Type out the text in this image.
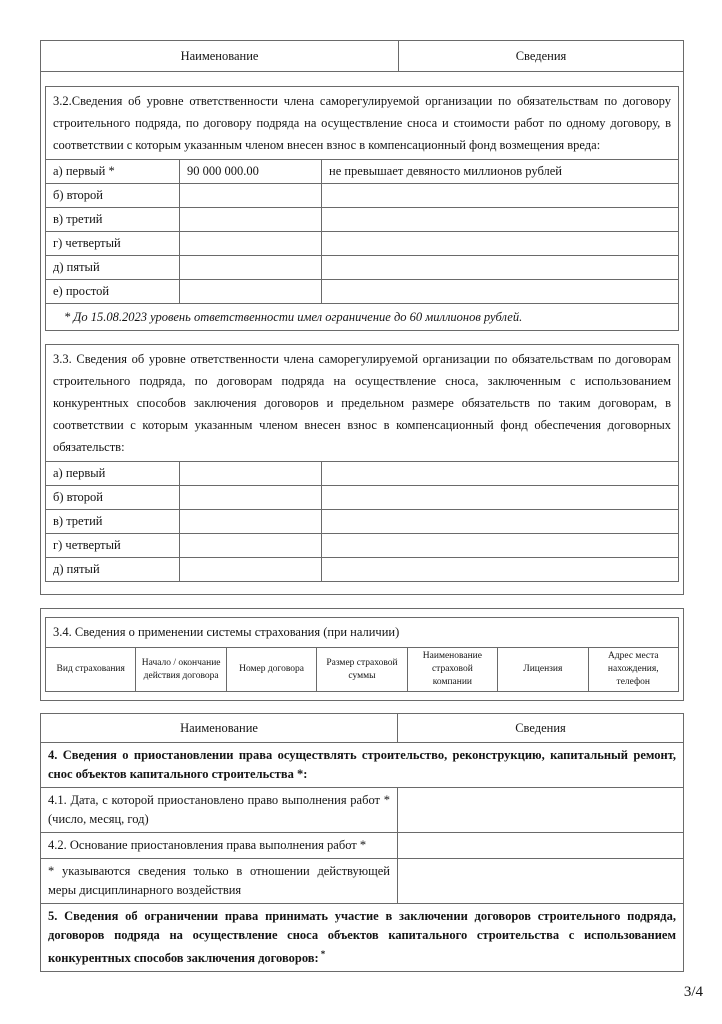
Наименование	Сведения
3.2.Сведения об уровне ответственности члена саморегулируемой организации по обязательствам по договору строительного подряда, по договору подряда на осуществление сноса и стоимости работ по одному договору, в соответствии с которым указанным членом внесен взнос в компенсационный фонд возмещения вреда:		
а) первый *	90 000 000.00	не превышает девяносто миллионов рублей
б) второй		
в) третий		
г) четвертый		
д) пятый		
е) простой		
* До 15.08.2023 уровень ответственности имел ограничение до 60 миллионов рублей.		
3.3. Сведения об уровне ответственности члена саморегулируемой организации по обязательствам по договорам строительного подряда, по договорам подряда на осуществление сноса, заключенным с использованием конкурентных способов заключения договоров и предельном размере обязательств по таким договорам, в соответствии с которым указанным членом внесен взнос в компенсационный фонд обеспечения договорных обязательств:		
а) первый		
б) второй		
в) третий		
г) четвертый		
д) пятый		
3.4. Сведения о применении системы страхования (при наличии)
Вид страхования	Начало / окончание действия договора	Номер договора	Размер страховой суммы	Наименование страховой компании	Лицензия	Адрес места нахождения, телефон
Наименование	Сведения
4. Сведения о приостановлении права осуществлять строительство, реконструкцию, капитальный ремонт, снос объектов капитального строительства *:	
4.1. Дата, с которой приостановлено право выполнения работ * (число, месяц, год)	
4.2. Основание приостановления права выполнения работ *	
* указываются сведения только в отношении действующей меры дисциплинарного воздействия	
5. Сведения об ограничении права принимать участие в заключении договоров строительного подряда, договоров подряда на осуществление сноса объектов капитального строительства с использованием конкурентных способов заключения договоров: *
3/4
